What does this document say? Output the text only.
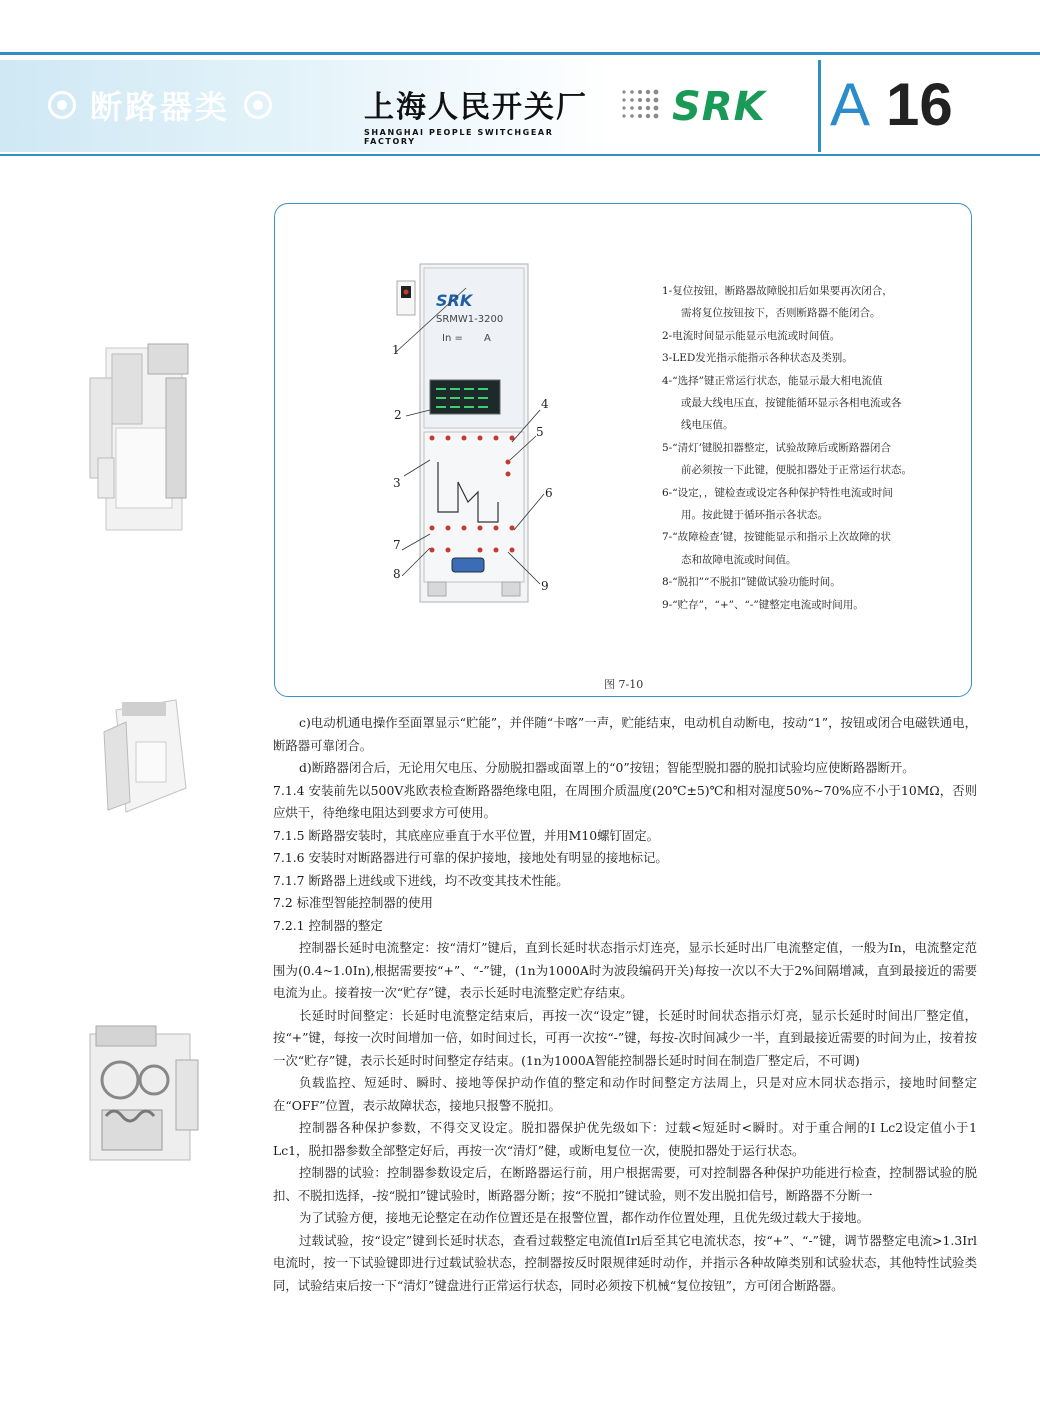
断路器类	上海人民开关厂
SHANGHAI PEOPLE SWITCHGEAR FACTORY
SRK A 16
SRK
SRMW1-3200
In = A
1
2
3
4
5
6
7
8
9
1-复位按钮，断路器故障脱扣后如果要再次闭合，
需将复位按钮按下，否则断路器不能闭合。
2-电流时间显示能显示电流或时间值。
3-LED发光指示能指示各种状态及类别。
4-“选择”键正常运行状态，能显示最大相电流值
或最大线电压直，按键能循环显示各相电流或各
线电压值。
5-“清灯’键脱扣器整定，试验故障后或断路器闭合
前必须按一下此键，便脱扣器处于正常运行状态。
6-“设定，，键检查或设定各种保护特性电流或时间
用。按此键于循环指示各状态。
7-“故障检查’键，按键能显示和指示上次故障的状
态和故障电流或时间值。
8-“脱扣”“不脱扣”键做试验功能时间。
9-“贮存”，“+”、“-”键整定电流或时间用。
图 7-10

c)电动机通电操作至面罩显示“贮能”，并伴随“卡喀”一声，贮能结束，电动机自动断电，按动“1”，按钮或闭合电磁铁通电，断路器可靠闭合。

d)断路器闭合后，无论用欠电压、分励脱扣器或面罩上的“0”按钮；智能型脱扣器的脱扣试验均应使断路器断开。

7.1.4 安装前先以500V兆欧表检查断路器绝缘电阻，在周围介质温度(20℃±5)℃和相对湿度50%~70%应不小于10MΩ，否则应烘干，待绝缘电阻达到要求方可使用。

7.1.5 断路器安装时，其底座应垂直于水平位置，并用M10螺钉固定。

7.1.6 安装时对断路器进行可靠的保护接地，接地处有明显的接地标记。

7.1.7 断路器上进线或下进线，均不改变其技术性能。

7.2 标准型智能控制器的使用

7.2.1 控制器的整定

控制器长延时电流整定：按“清灯”键后，直到长延时状态指示灯连亮，显示长延时出厂电流整定值，一般为In，电流整定范围为(0.4~1.0In),根据需要按“+”、“-”键，(1n为1000A时为波段编码开关)每按一次以不大于2%间隔增减，直到最接近的需要电流为止。接着按一次“贮存”键，表示长延时电流整定贮存结束。

长延时时间整定：长延时电流整定结束后，再按一次“设定”键，长延时时间状态指示灯亮，显示长延时时间出厂整定值，按“+”键，每按一次时间增加一倍，如时间过长，可再一次按“-”键，每按-次时间减少一半，直到最接近需要的时间为止，按着按一次“贮存”键，表示长延时时间整定存结束。(1n为1000A智能控制器长延时时间在制造厂整定后，不可调)

负载监控、短延时、瞬时、接地等保护动作值的整定和动作时间整定方法周上，只是对应木同状态指示，接地时间整定在“OFF”位置，表示故障状态，接地只报警不脱扣。

控制器各种保护参数，不得交叉设定。脱扣器保护优先级如下：过载<短延时<瞬时。对于重合闸的I Lc2设定值小于1 Lc1，脱扣器参数全部整定好后，再按一次“清灯”健，或断电复位一次，使脱扣器处于运行状态。

控制器的试验：控制器参数设定后，在断路器运行前，用户根据需要，可对控制器各种保护功能进行检查，控制器试验的脱扣、不脱扣选择，-按“脱扣”键试验时，断路器分断；按“不脱扣”键试验，则不发出脱扣信号，断路器不分断一

为了试验方便，接地无论整定在动作位置还是在报警位置，都作动作位置处理，且优先级过载大于接地。

过载试验，按“设定”键到长延时状态，查看过载整定电流值Irl后至其它电流状态，按“+”、“-”键，调节器整定电流>1.3Irl电流时，按一下试验键即进行过载试验状态，控制器按反时限规律延时动作，并指示各种故障类别和试验状态，其他特性试验类同，试验结束后按一下“清灯”键盘进行正常运行状态，同时必须按下机械“复位按钮”，方可闭合断路器。
